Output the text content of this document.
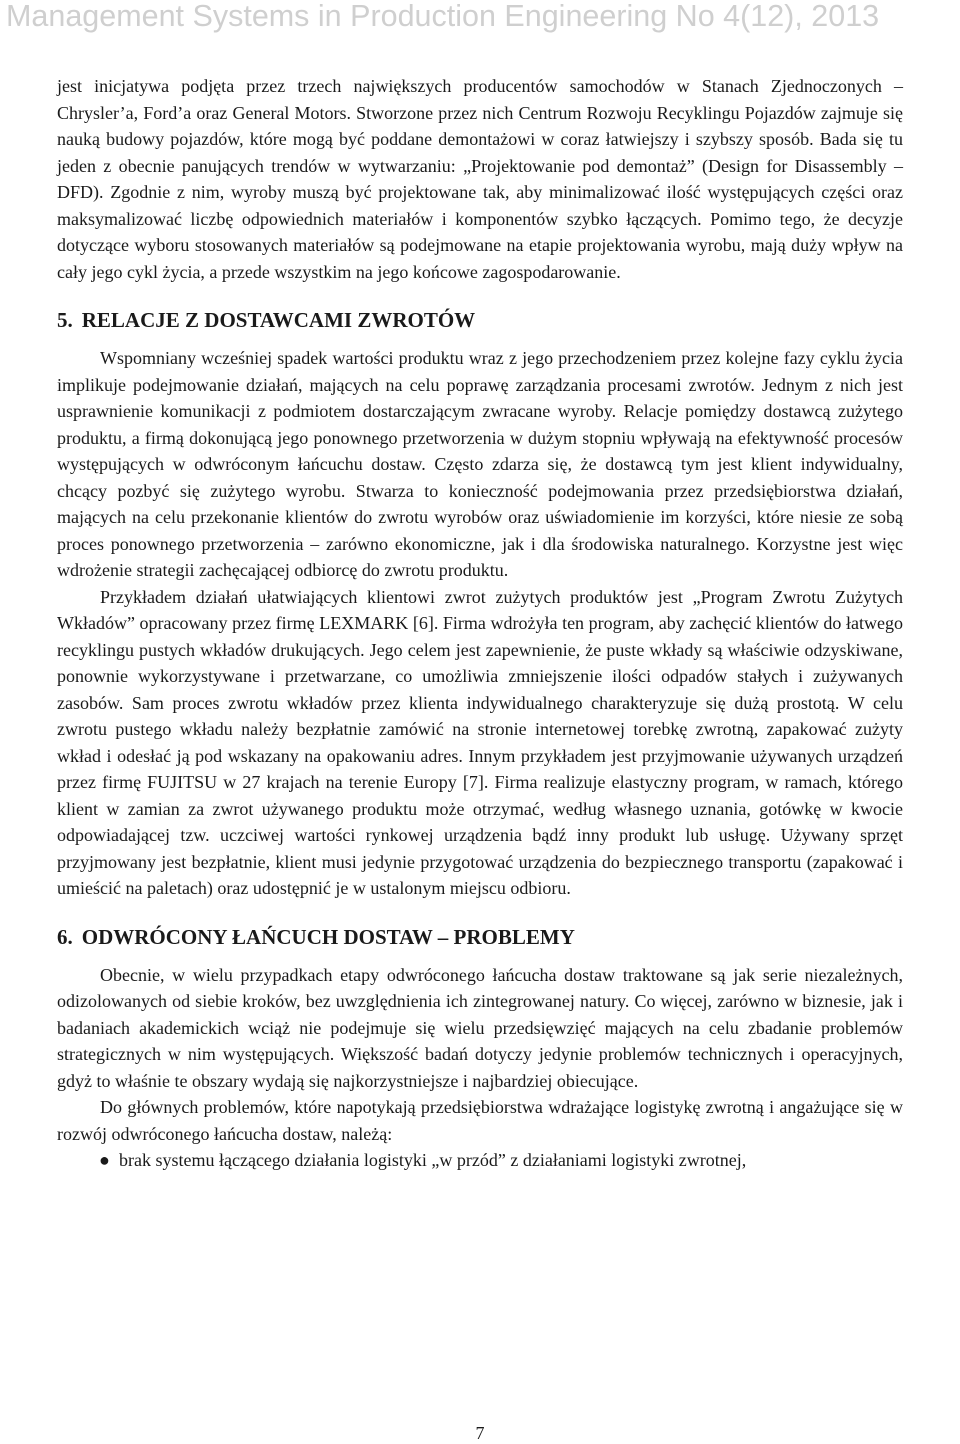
Management Systems in Production Engineering No 4(12), 2013

jest inicjatywa podjęta przez trzech największych producentów samochodów w Stanach Zjednoczonych – Chrysler’a, Ford’a oraz General Motors. Stworzone przez nich Centrum Rozwoju Recyklingu Pojazdów zajmuje się nauką budowy pojazdów, które mogą być poddane demontażowi w coraz łatwiejszy i szybszy sposób. Bada się tu jeden z obecnie panujących trendów w wytwarzaniu: „Projektowanie pod demontaż” (Design for Disassembly – DFD). Zgodnie z nim, wyroby muszą być projektowane tak, aby minimalizować ilość występujących części oraz maksymalizować liczbę odpowiednich materiałów i komponentów szybko łączących. Pomimo tego, że decyzje dotyczące wyboru stosowanych materiałów są podejmowane na etapie projektowania wyrobu, mają duży wpływ na cały jego cykl życia, a przede wszystkim na jego końcowe zagospodarowanie.

5. RELACJE Z DOSTAWCAMI ZWROTÓW

Wspomniany wcześniej spadek wartości produktu wraz z jego przechodzeniem przez kolejne fazy cyklu życia implikuje podejmowanie działań, mających na celu poprawę zarządzania procesami zwrotów. Jednym z nich jest usprawnienie komunikacji z podmiotem dostarczającym zwracane wyroby. Relacje pomiędzy dostawcą zużytego produktu, a firmą dokonującą jego ponownego przetworzenia w dużym stopniu wpływają na efektywność procesów występujących w odwróconym łańcuchu dostaw. Często zdarza się, że dostawcą tym jest klient indywidualny, chcący pozbyć się zużytego wyrobu. Stwarza to konieczność podejmowania przez przedsiębiorstwa działań, mających na celu przekonanie klientów do zwrotu wyrobów oraz uświadomienie im korzyści, które niesie ze sobą proces ponownego przetworzenia – zarówno ekonomiczne, jak i dla środowiska naturalnego. Korzystne jest więc wdrożenie strategii zachęcającej odbiorcę do zwrotu produktu.

Przykładem działań ułatwiających klientowi zwrot zużytych produktów jest „Program Zwrotu Zużytych Wkładów” opracowany przez firmę LEXMARK [6]. Firma wdrożyła ten program, aby zachęcić klientów do łatwego recyklingu pustych wkładów drukujących. Jego celem jest zapewnienie, że puste wkłady są właściwie odzyskiwane, ponownie wykorzystywane i przetwarzane, co umożliwia zmniejszenie ilości odpadów stałych i zużywanych zasobów. Sam proces zwrotu wkładów przez klienta indywidualnego charakteryzuje się dużą prostotą. W celu zwrotu pustego wkładu należy bezpłatnie zamówić na stronie internetowej torebkę zwrotną, zapakować zużyty wkład i odesłać ją pod wskazany na opakowaniu adres. Innym przykładem jest przyjmowanie używanych urządzeń przez firmę FUJITSU w 27 krajach na terenie Europy [7]. Firma realizuje elastyczny program, w ramach, którego klient w zamian za zwrot używanego produktu może otrzymać, według własnego uznania, gotówkę w kwocie odpowiadającej tzw. uczciwej wartości rynkowej urządzenia bądź inny produkt lub usługę. Używany sprzęt przyjmowany jest bezpłatnie, klient musi jedynie przygotować urządzenia do bezpiecznego transportu (zapakować i umieścić na paletach) oraz udostępnić je w ustalonym miejscu odbioru.

6. ODWRÓCONY ŁAŃCUCH DOSTAW – PROBLEMY

Obecnie, w wielu przypadkach etapy odwróconego łańcucha dostaw traktowane są jak serie niezależnych, odizolowanych od siebie kroków, bez uwzględnienia ich zintegrowanej natury. Co więcej, zarówno w biznesie, jak i badaniach akademickich wciąż nie podejmuje się wielu przedsięwzięć mających na celu zbadanie problemów strategicznych w nim występujących. Większość badań dotyczy jedynie problemów technicznych i operacyjnych, gdyż to właśnie te obszary wydają się najkorzystniejsze i najbardziej obiecujące.

Do głównych problemów, które napotykają przedsiębiorstwa wdrażające logistykę zwrotną i angażujące się w rozwój odwróconego łańcucha dostaw, należą:

● brak systemu łączącego działania logistyki „w przód” z działaniami logistyki zwrotnej,
7
